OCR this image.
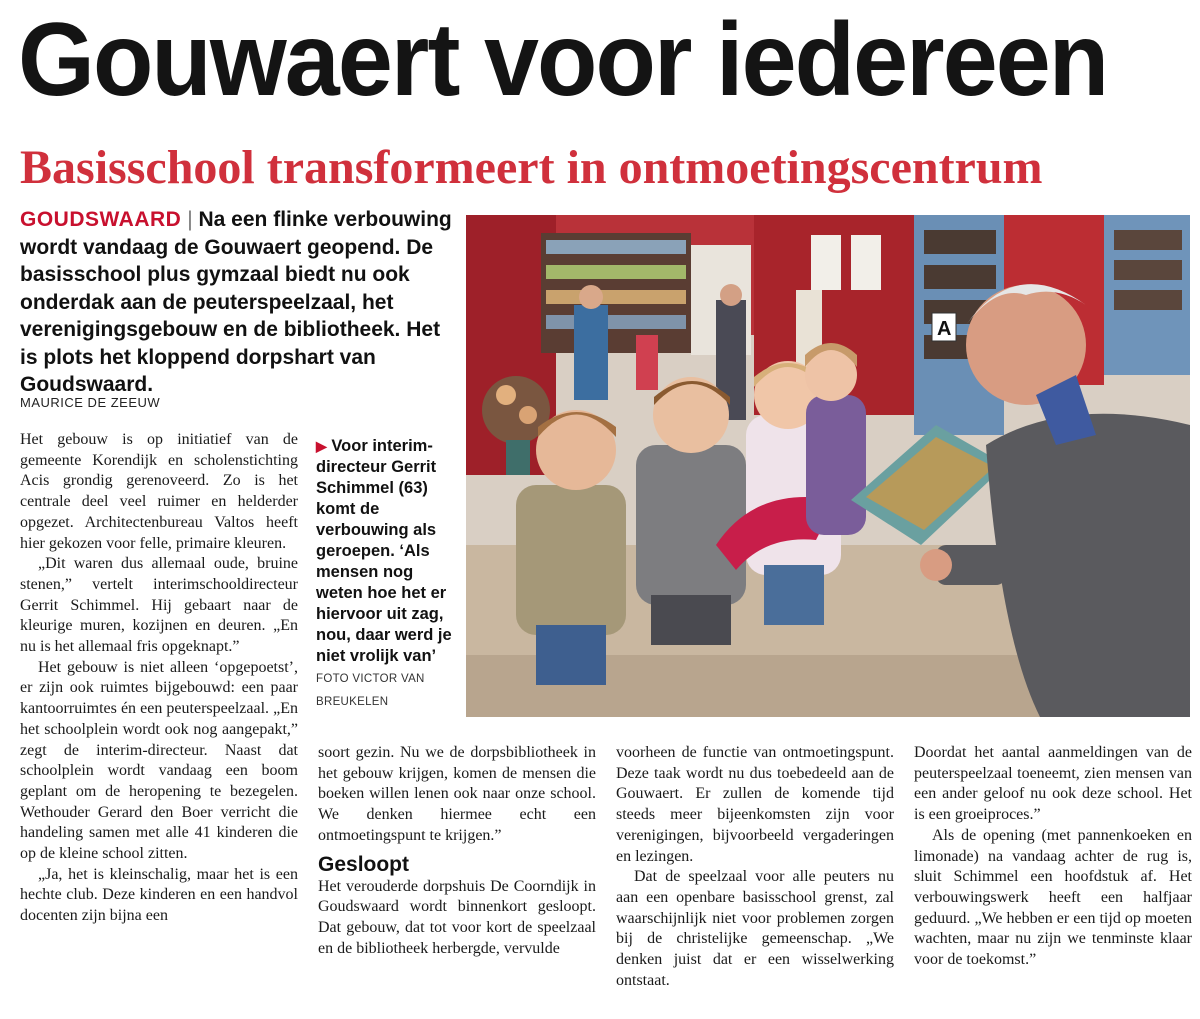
Gouwaert voor iedereen
Basisschool transformeert in ontmoetingscentrum
GOUDSWAARD | Na een flinke verbouwing wordt vandaag de Gouwaert geopend. De basisschool plus gymzaal biedt nu ook onderdak aan de peuterspeelzaal, het verenigingsgebouw en de bibliotheek. Het is plots het kloppend dorpshart van Goudswaard.
MAURICE DE ZEEUW

Het gebouw is op initiatief van de gemeente Korendijk en scholenstichting Acis grondig gerenoveerd. Zo is het centrale deel veel ruimer en helderder opgezet. Architectenbureau Valtos heeft hier gekozen voor felle, primaire kleuren.

„Dit waren dus allemaal oude, bruine stenen,” vertelt interimschooldirecteur Gerrit Schimmel. Hij gebaart naar de kleurige muren, kozijnen en deuren. „En nu is het allemaal fris opgeknapt.”

Het gebouw is niet alleen ‘opgepoetst’, er zijn ook ruimtes bijgebouwd: een paar kantoorruimtes én een peuterspeelzaal. „En het schoolplein wordt ook nog aangepakt,” zegt de interim-directeur. Naast dat schoolplein wordt vandaag een boom geplant om de heropening te bezegelen. Wethouder Gerard den Boer verricht die handeling samen met alle 41 kinderen die op de kleine school zitten.

„Ja, het is kleinschalig, maar het is een hechte club. Deze kinderen en een handvol docenten zijn bijna een

▶ Voor interim-directeur Gerrit Schimmel (63) komt de verbouwing als geroepen. ‘Als mensen nog weten hoe het er hiervoor uit zag, nou, daar werd je niet vrolijk van’ FOTO VICTOR VAN BREUKELEN
A

soort gezin. Nu we de dorpsbibliotheek in het gebouw krijgen, komen de mensen die boeken willen lenen ook naar onze school. We denken hiermee echt een ontmoetingspunt te krijgen.”

Gesloopt

Het verouderde dorpshuis De Coorndijk in Goudswaard wordt binnenkort gesloopt. Dat gebouw, dat tot voor kort de speelzaal en de bibliotheek herbergde, vervulde

voorheen de functie van ontmoetingspunt. Deze taak wordt nu dus toebedeeld aan de Gouwaert. Er zullen de komende tijd steeds meer bijeenkomsten zijn voor verenigingen, bijvoorbeeld vergaderingen en lezingen.

Dat de speelzaal voor alle peuters nu aan een openbare basisschool grenst, zal waarschijnlijk niet voor problemen zorgen bij de christelijke gemeenschap. „We denken juist dat er een wisselwerking ontstaat.

Doordat het aantal aanmeldingen van de peuterspeelzaal toeneemt, zien mensen van een ander geloof nu ook deze school. Het is een groeiproces.”

Als de opening (met pannenkoeken en limonade) na vandaag achter de rug is, sluit Schimmel een hoofdstuk af. Het verbouwingswerk heeft een halfjaar geduurd. „We hebben er een tijd op moeten wachten, maar nu zijn we tenminste klaar voor de toekomst.”
